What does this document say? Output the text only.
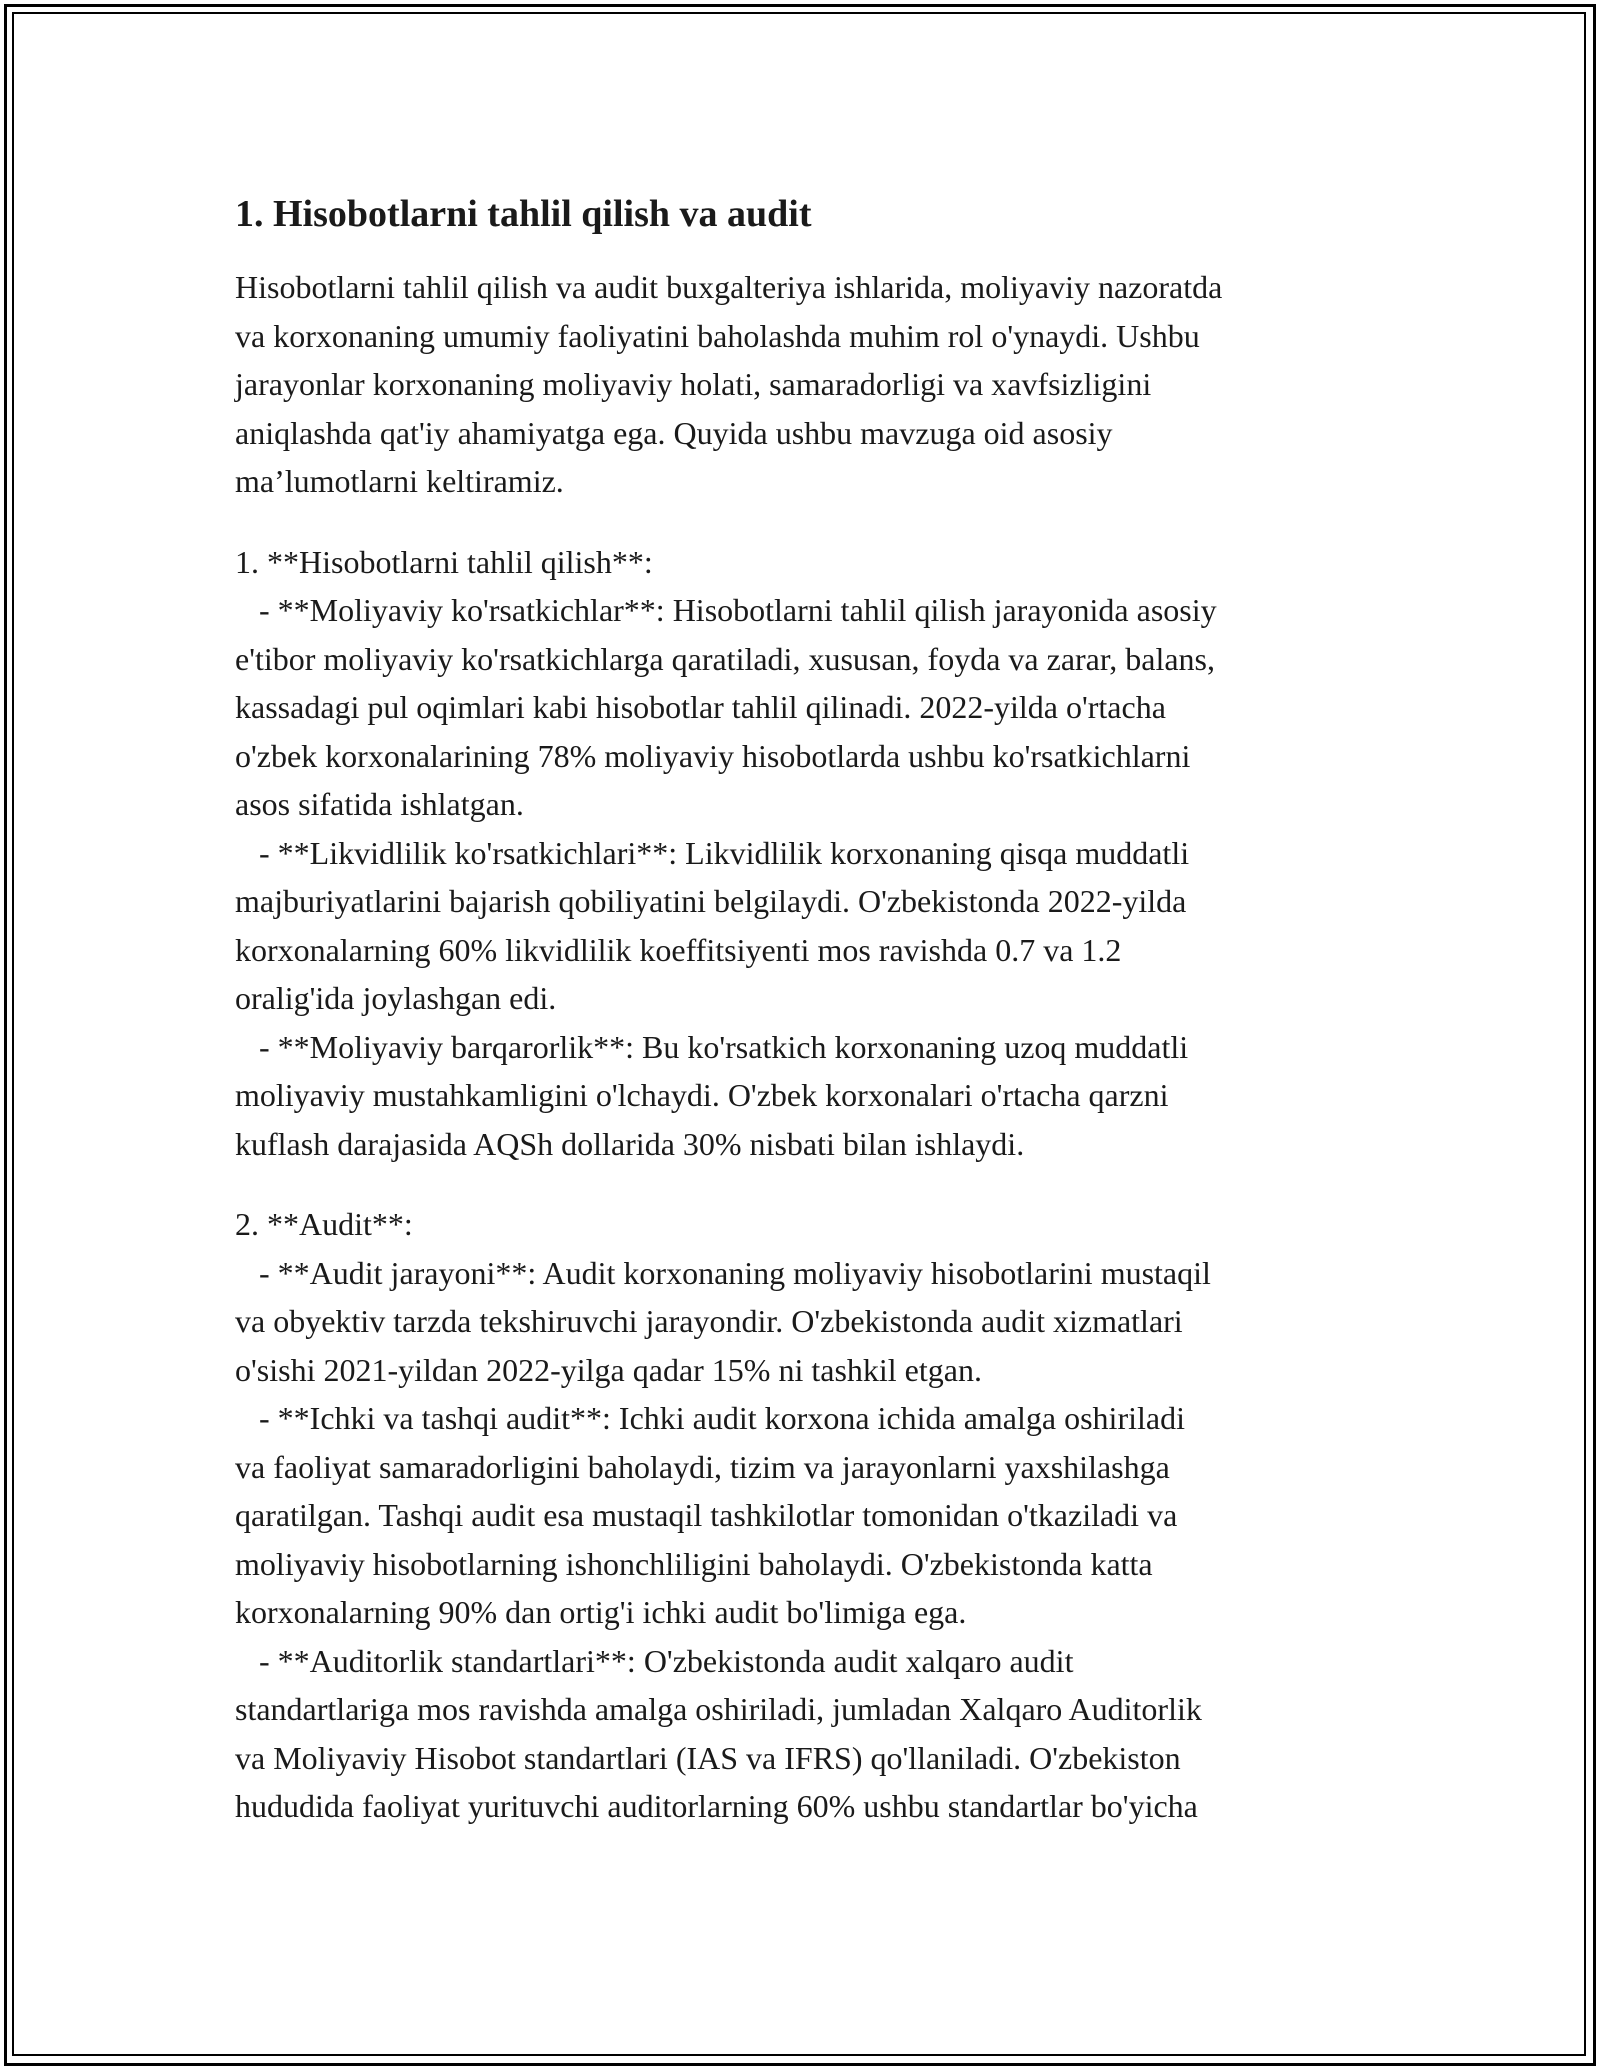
1. Hisobotlarni tahlil qilish va audit

Hisobotlarni tahlil qilish va audit buxgalteriya ishlarida, moliyaviy nazoratda

va korxonaning umumiy faoliyatini baholashda muhim rol o'ynaydi. Ushbu

jarayonlar korxonaning moliyaviy holati, samaradorligi va xavfsizligini

aniqlashda qat'iy ahamiyatga ega. Quyida ushbu mavzuga oid asosiy

ma’lumotlarni keltiramiz.

1. **Hisobotlarni tahlil qilish**:

- **Moliyaviy ko'rsatkichlar**: Hisobotlarni tahlil qilish jarayonida asosiy

e'tibor moliyaviy ko'rsatkichlarga qaratiladi, xususan, foyda va zarar, balans,

kassadagi pul oqimlari kabi hisobotlar tahlil qilinadi. 2022-yilda o'rtacha

o'zbek korxonalarining 78% moliyaviy hisobotlarda ushbu ko'rsatkichlarni

asos sifatida ishlatgan.

- **Likvidlilik ko'rsatkichlari**: Likvidlilik korxonaning qisqa muddatli

majburiyatlarini bajarish qobiliyatini belgilaydi. O'zbekistonda 2022-yilda

korxonalarning 60% likvidlilik koeffitsiyenti mos ravishda 0.7 va 1.2

oralig'ida joylashgan edi.

- **Moliyaviy barqarorlik**: Bu ko'rsatkich korxonaning uzoq muddatli

moliyaviy mustahkamligini o'lchaydi. O'zbek korxonalari o'rtacha qarzni

kuflash darajasida AQSh dollarida 30% nisbati bilan ishlaydi.

2. **Audit**:

- **Audit jarayoni**: Audit korxonaning moliyaviy hisobotlarini mustaqil

va obyektiv tarzda tekshiruvchi jarayondir. O'zbekistonda audit xizmatlari

o'sishi 2021-yildan 2022-yilga qadar 15% ni tashkil etgan.

- **Ichki va tashqi audit**: Ichki audit korxona ichida amalga oshiriladi

va faoliyat samaradorligini baholaydi, tizim va jarayonlarni yaxshilashga

qaratilgan. Tashqi audit esa mustaqil tashkilotlar tomonidan o'tkaziladi va

moliyaviy hisobotlarning ishonchliligini baholaydi. O'zbekistonda katta

korxonalarning 90% dan ortig'i ichki audit bo'limiga ega.

- **Auditorlik standartlari**: O'zbekistonda audit xalqaro audit

standartlariga mos ravishda amalga oshiriladi, jumladan Xalqaro Auditorlik

va Moliyaviy Hisobot standartlari (IAS va IFRS) qo'llaniladi. O'zbekiston

hududida faoliyat yurituvchi auditorlarning 60% ushbu standartlar bo'yicha
